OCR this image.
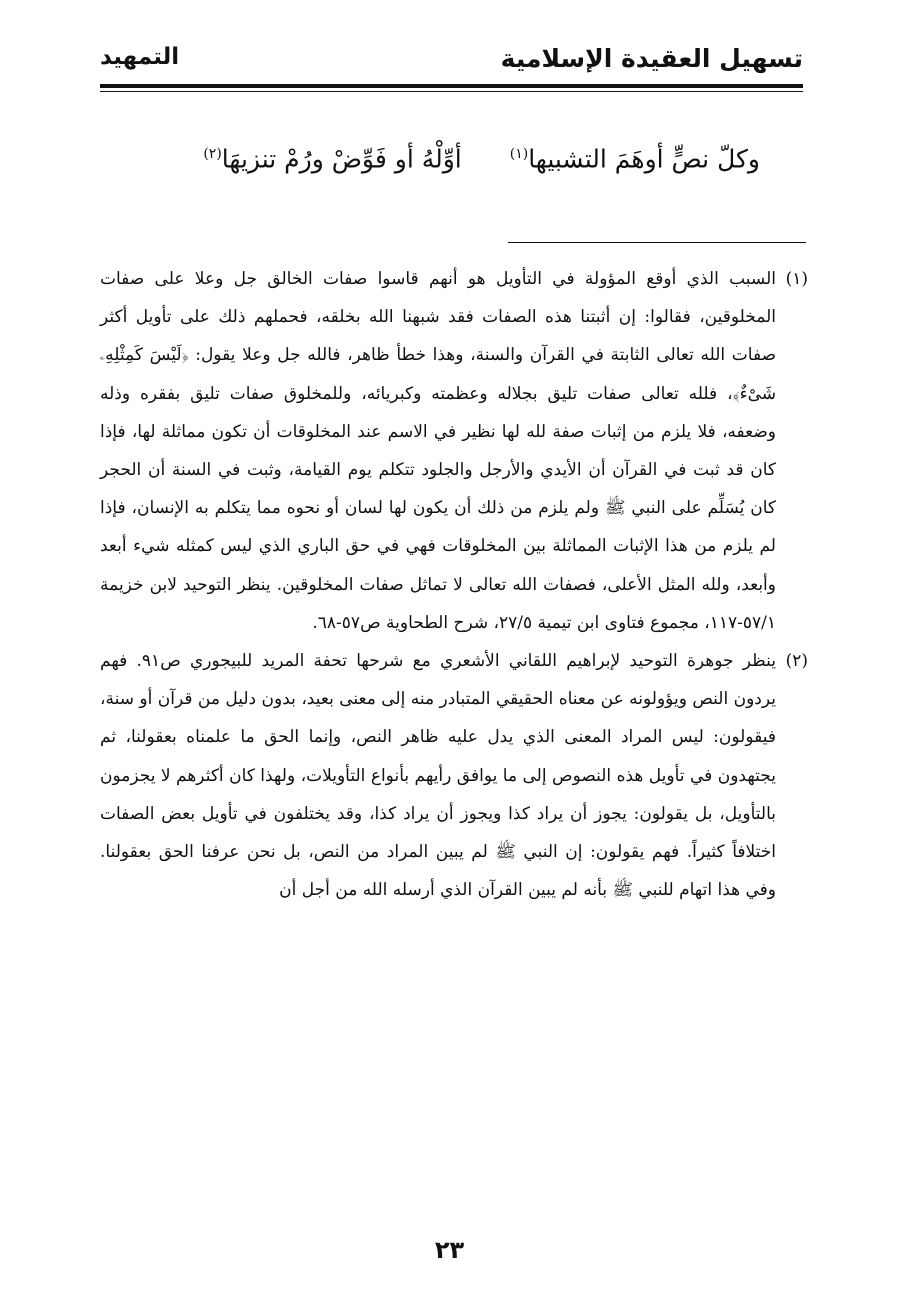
تسهيل العقيدة الإسلامية
التمهيد
وكلّ نصٍّ أوهَمَ التشبيها$^{(١)}$ أوِّلْهُ أو فَوِّضْ ورُمْ تنزيهَا$^{(٢)}$

(١)
السبب الذي أوقع المؤولة في التأويل هو أنهم قاسوا صفات الخالق جل وعلا على صفات المخلوقين، فقالوا: إن أثبتنا هذه الصفات فقد شبهنا الله بخلقه، فحملهم ذلك على تأويل أكثر صفات الله تعالى الثابتة في القرآن والسنة، وهذا خطأ ظاهر، فالله جل وعلا يقول: ﴿لَيْسَ كَمِثْلِهِۦ شَىْءٌ﴾، فلله تعالى صفات تليق بجلاله وعظمته وكبريائه، وللمخلوق صفات تليق بفقره وذله وضعفه، فلا يلزم من إثبات صفة لله لها نظير في الاسم عند المخلوقات أن تكون مماثلة لها، فإذا كان قد ثبت في القرآن أن الأيدي والأرجل والجلود تتكلم يوم القيامة، وثبت في السنة أن الحجر كان يُسَلِّم على النبي ﷺ ولم يلزم من ذلك أن يكون لها لسان أو نحوه مما يتكلم به الإنسان، فإذا لم يلزم من هذا الإثبات المماثلة بين المخلوقات فهي في حق الباري الذي ليس كمثله شيء أبعد وأبعد، ولله المثل الأعلى، فصفات الله تعالى لا تماثل صفات المخلوقين. ينظر التوحيد لابن خزيمة ٥٧/١-١١٧، مجموع فتاوى ابن تيمية ٢٧/٥، شرح الطحاوية ص٥٧-٦٨.

(٢)
ينظر جوهرة التوحيد لإبراهيم اللقاني الأشعري مع شرحها تحفة المريد للبيجوري ص٩١. فهم يردون النص ويؤولونه عن معناه الحقيقي المتبادر منه إلى معنى بعيد، بدون دليل من قرآن أو سنة، فيقولون: ليس المراد المعنى الذي يدل عليه ظاهر النص، وإنما الحق ما علمناه بعقولنا، ثم يجتهدون في تأويل هذه النصوص إلى ما يوافق رأيهم بأنواع التأويلات، ولهذا كان أكثرهم لا يجزمون بالتأويل، بل يقولون: يجوز أن يراد كذا ويجوز أن يراد كذا، وقد يختلفون في تأويل بعض الصفات اختلافاً كثيراً. فهم يقولون: إن النبي ﷺ لم يبين المراد من النص، بل نحن عرفنا الحق بعقولنا. وفي هذا اتهام للنبي ﷺ بأنه لم يبين القرآن الذي أرسله الله من أجل أن

٢٣
